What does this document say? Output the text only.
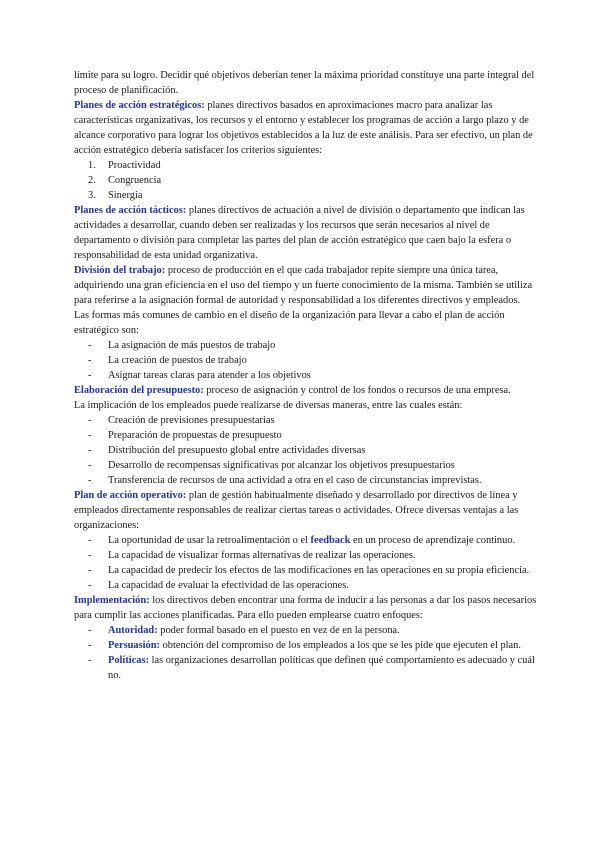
límite para su logro. Decidir qué objetivos deberían tener la máxima prioridad constituye una parte integral del proceso de planificación.

Planes de acción estratégicos: planes directivos basados en aproximaciones macro para analizar las características organizativas, los recursos y el entorno y establecer los programas de acción a largo plazo y de alcance corporativo para lograr los objetivos establecidos a la luz de este análisis. Para ser efectivo, un plan de acción estratégico debería satisfacer los criterios siguientes:

1. Proactividad
2. Congruencia
3. Sinergia

Planes de acción tácticos: planes directivos de actuación a nivel de división o departamento que indican las actividades a desarrollar, cuando deben ser realizadas y los recursos que serán necesarios al nivel de departamento o división para completar las partes del plan de acción estratégico que caen bajo la esfera o responsabilidad de esta unidad organizativa.

División del trabajo: proceso de producción en el que cada trabajador repite siempre una única tarea, adquiriendo una gran eficiencia en el uso del tiempo y un fuerte conocimiento de la misma. También se utiliza para referirse a la asignación formal de autoridad y responsabilidad a los diferentes directivos y empleados.

Las formas más comunes de cambio en el diseño de la organización para llevar a cabo el plan de acción estratégico son:

- La asignación de más puestos de trabajo
- La creación de puestos de trabajo
- Asignar tareas claras para atender a los objetivos

Elaboración del presupuesto: proceso de asignación y control de los fondos o recursos de una empresa.

La implicación de los empleados puede realizarse de diversas maneras, entre las cuales están:

- Creación de previsiones presupuestarias
- Preparación de propuestas de presupuesto
- Distribución del presupuesto global entre actividades diversas
- Desarrollo de recompensas significativas por alcanzar los objetivos presupuestarios
- Transferencia de recursos de una actividad a otra en el caso de circunstancias imprevistas.

Plan de acción operativo: plan de gestión habitualmente diseñado y desarrollado por directivos de línea y empleados directamente responsables de realizar ciertas tareas o actividades. Ofrece diversas ventajas a las organizaciones:

- La oportunidad de usar la retroalimentación o el feedback en un proceso de aprendizaje continuo.
- La capacidad de visualizar formas alternativas de realizar las operaciones.
- La capacidad de predecir los efectos de las modificaciones en las operaciones en su propia eficiencia.
- La capacidad de evaluar la efectividad de las operaciones.

Implementación: los directivos deben encontrar una forma de inducir a las personas a dar los pasos necesarios para cumplir las acciones planificadas. Para ello pueden emplearse cuatro enfoques:

- Autoridad: poder formal basado en el puesto en vez de en la persona.
- Persuasión: obtención del compromiso de los empleados a los que se les pide que ejecuten el plan.
- Políticas: las organizaciones desarrollan políticas que definen qué comportamiento es adecuado y cuál no.
